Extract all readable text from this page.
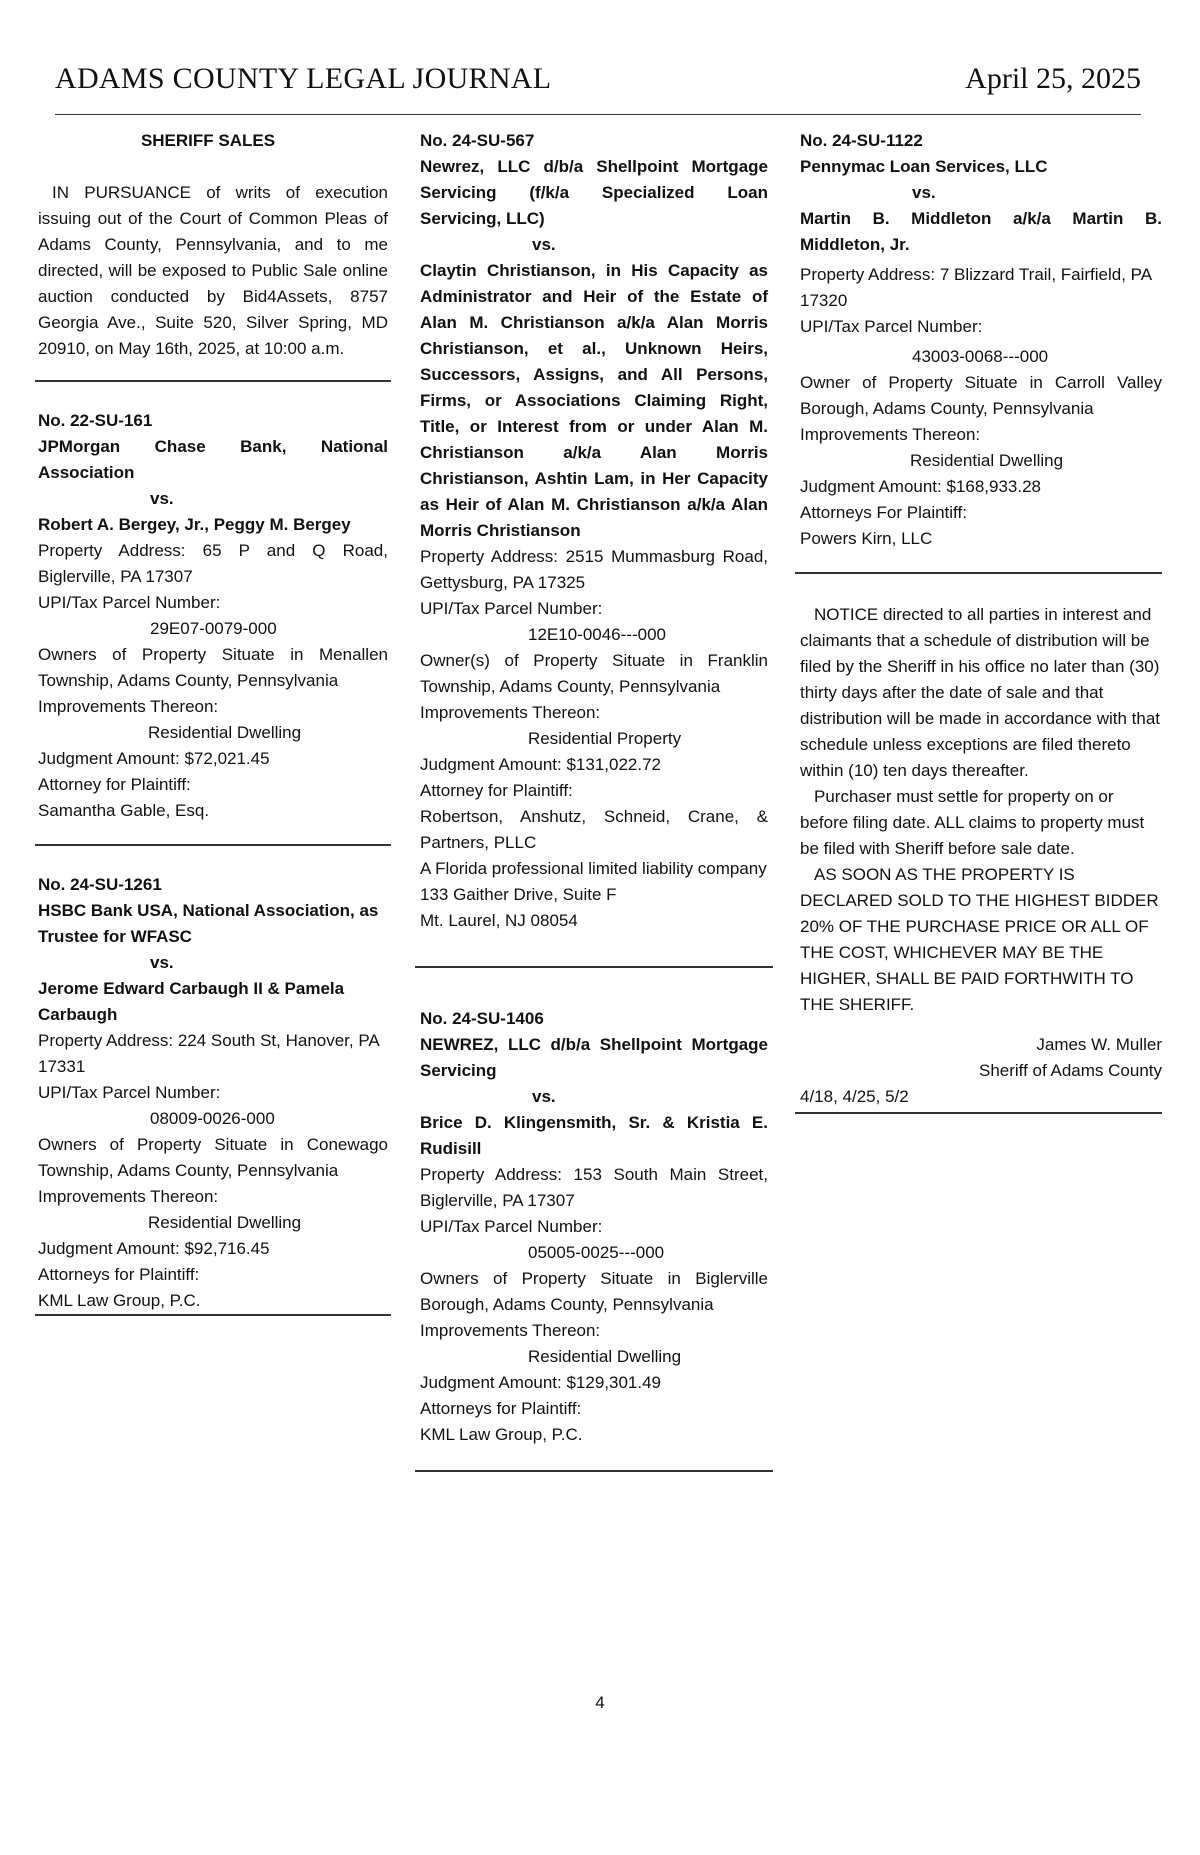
ADAMS COUNTY LEGAL JOURNAL	April 25, 2025

SHERIFF SALES

IN PURSUANCE of writs of execution issuing out of the Court of Common Pleas of Adams County, Pennsylvania, and to me directed, will be exposed to Public Sale online auction conducted by Bid4Assets, 8757 Georgia Ave., Suite 520, Silver Spring, MD 20910, on May 16th, 2025, at 10:00 a.m.

No. 22-SU-161

JPMorgan Chase Bank, National Association

vs.

Robert A. Bergey, Jr., Peggy M. Bergey

Property Address: 65 P and Q Road, Biglerville, PA 17307

UPI/Tax Parcel Number:

29E07-0079-000

Owners of Property Situate in Menallen Township, Adams County, Pennsylvania

Improvements Thereon:

Residential Dwelling

Judgment Amount: $72,021.45

Attorney for Plaintiff:

Samantha Gable, Esq.

No. 24-SU-1261

HSBC Bank USA, National Association, as Trustee for WFASC

vs.

Jerome Edward Carbaugh II & Pamela Carbaugh

Property Address: 224 South St, Hanover, PA 17331

UPI/Tax Parcel Number:

08009-0026-000

Owners of Property Situate in Conewago Township, Adams County, Pennsylvania

Improvements Thereon:

Residential Dwelling

Judgment Amount: $92,716.45

Attorneys for Plaintiff:

KML Law Group, P.C.

No. 24-SU-567

Newrez, LLC d/b/a Shellpoint Mortgage Servicing (f/k/a Specialized Loan Servicing, LLC)

vs.

Claytin Christianson, in His Capacity as Administrator and Heir of the Estate of Alan M. Christianson a/k/a Alan Morris Christianson, et al., Unknown Heirs, Successors, Assigns, and All Persons, Firms, or Associations Claiming Right, Title, or Interest from or under Alan M. Christianson a/k/a Alan Morris Christianson, Ashtin Lam, in Her Capacity as Heir of Alan M. Christianson a/k/a Alan Morris Christianson

Property Address: 2515 Mummasburg Road, Gettysburg, PA 17325

UPI/Tax Parcel Number:

12E10-0046---000

Owner(s) of Property Situate in Franklin Township, Adams County, Pennsylvania

Improvements Thereon:

Residential Property

Judgment Amount: $131,022.72

Attorney for Plaintiff:

Robertson, Anshutz, Schneid, Crane, & Partners, PLLC

A Florida professional limited liability company

133 Gaither Drive, Suite F

Mt. Laurel, NJ 08054

No. 24-SU-1406

NEWREZ, LLC d/b/a Shellpoint Mortgage Servicing

vs.

Brice D. Klingensmith, Sr. & Kristia E. Rudisill

Property Address: 153 South Main Street, Biglerville, PA 17307

UPI/Tax Parcel Number:

05005-0025---000

Owners of Property Situate in Biglerville Borough, Adams County, Pennsylvania

Improvements Thereon:

Residential Dwelling

Judgment Amount: $129,301.49

Attorneys for Plaintiff:

KML Law Group, P.C.

No. 24-SU-1122

Pennymac Loan Services, LLC

vs.

Martin B. Middleton a/k/a Martin B. Middleton, Jr.

Property Address: 7 Blizzard Trail, Fairfield, PA 17320

UPI/Tax Parcel Number:

43003-0068---000

Owner of Property Situate in Carroll Valley Borough, Adams County, Pennsylvania

Improvements Thereon:

Residential Dwelling

Judgment Amount: $168,933.28

Attorneys For Plaintiff:

Powers Kirn, LLC

NOTICE directed to all parties in interest and claimants that a schedule of distribution will be filed by the Sheriff in his office no later than (30) thirty days after the date of sale and that distribution will be made in accordance with that schedule unless exceptions are filed thereto within (10) ten days thereafter.

Purchaser must settle for property on or before filing date. ALL claims to property must be filed with Sheriff before sale date.

AS SOON AS THE PROPERTY IS DECLARED SOLD TO THE HIGHEST BIDDER 20% OF THE PURCHASE PRICE OR ALL OF THE COST, WHICHEVER MAY BE THE HIGHER, SHALL BE PAID FORTHWITH TO THE SHERIFF.

James W. Muller

Sheriff of Adams County

4/18, 4/25, 5/2

4
